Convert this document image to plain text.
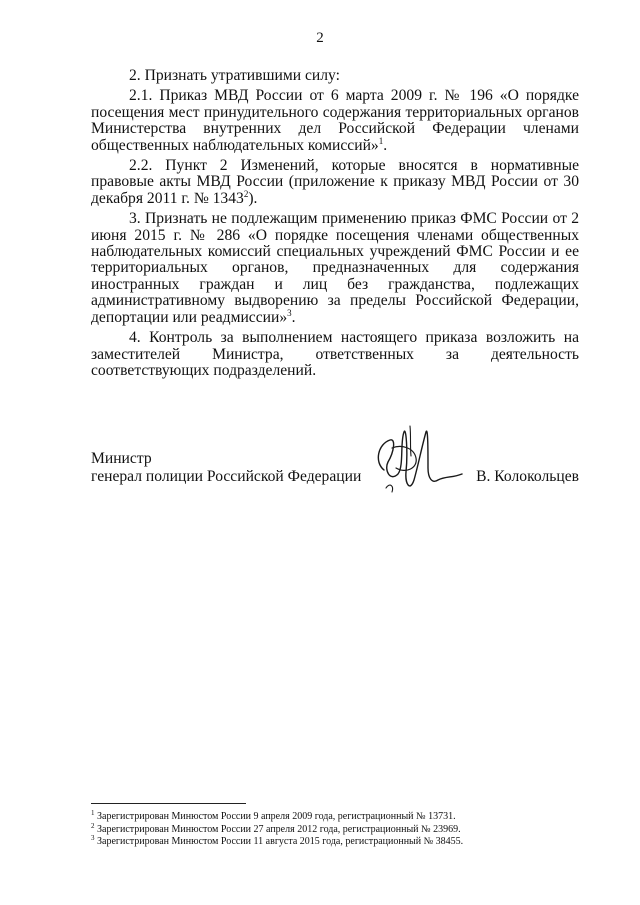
2

2. Признать утратившими силу:

2.1. Приказ МВД России от 6 марта 2009 г. № 196 «О порядке посещения мест принудительного содержания территориальных органов Министерства внутренних дел Российской Федерации членами общественных наблюдательных комиссий»$^1$.

2.2. Пункт 2 Изменений, которые вносятся в нормативные правовые акты МВД России (приложение к приказу МВД России от 30 декабря 2011 г. № 1343$^2$).

3. Признать не подлежащим применению приказ ФМС России от 2 июня 2015 г. № 286 «О порядке посещения членами общественных наблюдательных комиссий специальных учреждений ФМС России и ее территориальных органов, предназначенных для содержания иностранных граждан и лиц без гражданства, подлежащих административному выдворению за пределы Российской Федерации, депортации или реадмиссии»$^3$.

4. Контроль за выполнением настоящего приказа возложить на заместителей Министра, ответственных за деятельность соответствующих подразделений.

Министр
генерал полиции Российской Федерации	В. Колокольцев
$^1$ Зарегистрирован Минюстом России 9 апреля 2009 года, регистрационный № 13731.
$^2$ Зарегистрирован Минюстом России 27 апреля 2012 года, регистрационный № 23969.
$^3$ Зарегистрирован Минюстом России 11 августа 2015 года, регистрационный № 38455.
